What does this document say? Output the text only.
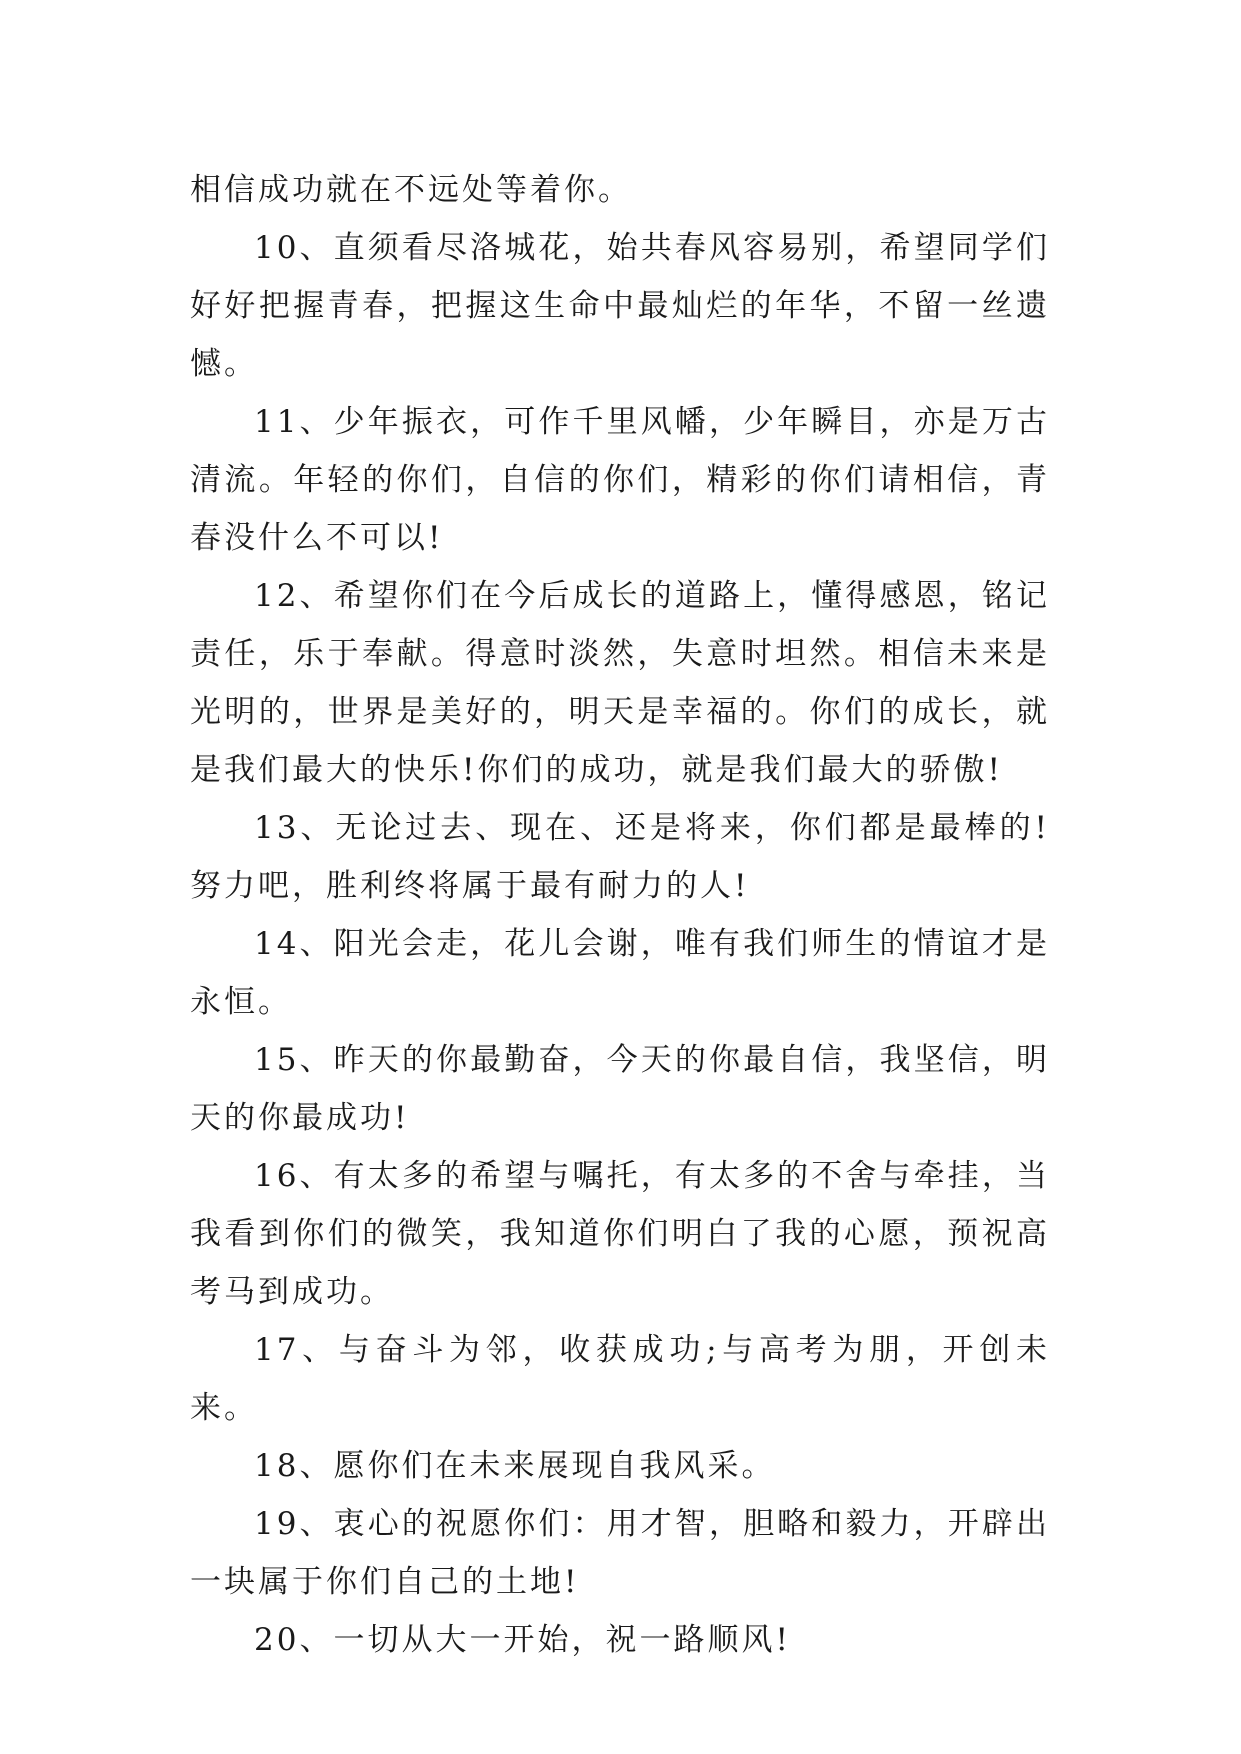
相信成功就在不远处等着你。

10、直须看尽洛城花，始共春风容易别，希望同学们好好把握青春，把握这生命中最灿烂的年华，不留一丝遗憾。

11、少年振衣，可作千里风幡，少年瞬目，亦是万古清流。年轻的你们，自信的你们，精彩的你们请相信，青春没什么不可以!

12、希望你们在今后成长的道路上，懂得感恩，铭记责任，乐于奉献。得意时淡然，失意时坦然。相信未来是光明的，世界是美好的，明天是幸福的。你们的成长，就是我们最大的快乐!你们的成功，就是我们最大的骄傲!

13、无论过去、现在、还是将来，你们都是最棒的!努力吧，胜利终将属于最有耐力的人!

14、阳光会走，花儿会谢，唯有我们师生的情谊才是永恒。

15、昨天的你最勤奋，今天的你最自信，我坚信，明天的你最成功!

16、有太多的希望与嘱托，有太多的不舍与牵挂，当我看到你们的微笑，我知道你们明白了我的心愿，预祝高考马到成功。

17、与奋斗为邻，收获成功;与高考为朋，开创未来。

18、愿你们在未来展现自我风采。

19、衷心的祝愿你们：用才智，胆略和毅力，开辟出一块属于你们自己的土地!

20、一切从大一开始，祝一路顺风!
